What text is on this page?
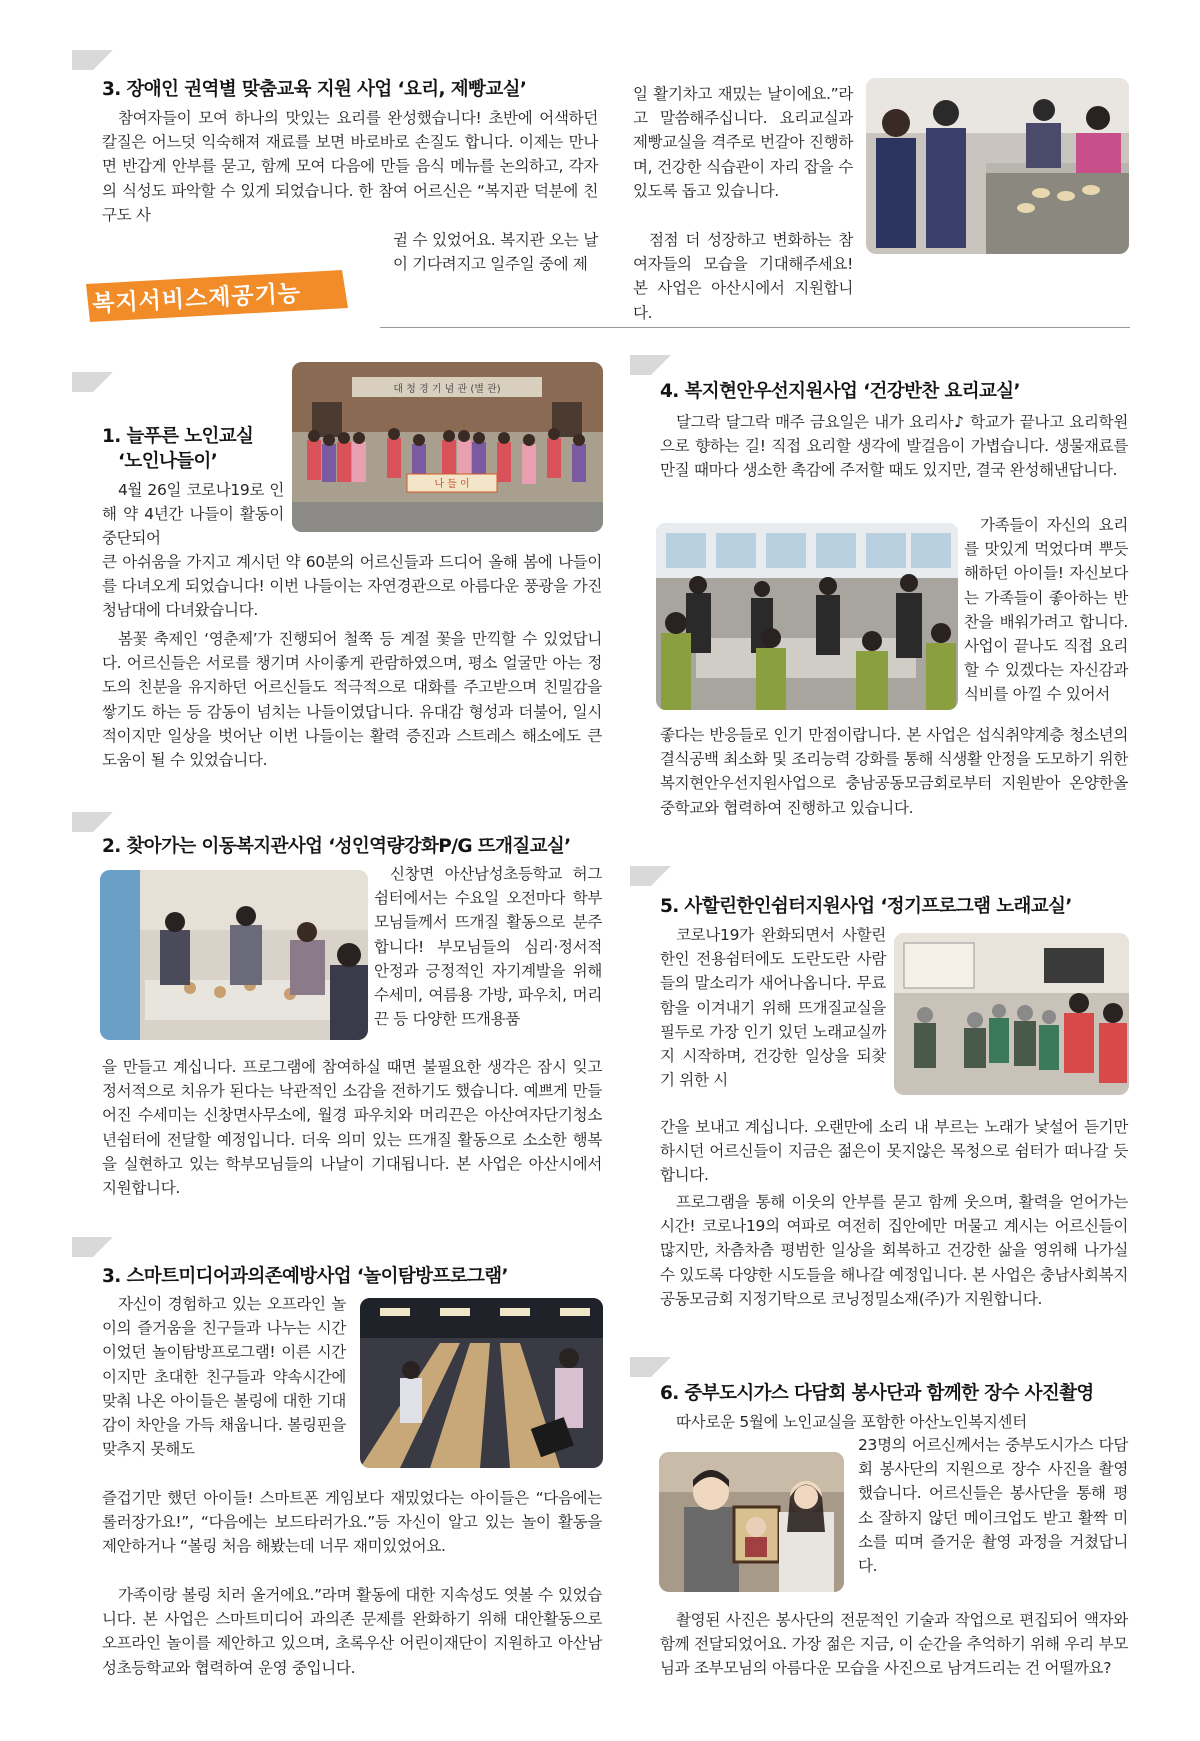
3. 장애인 권역별 맞춤교육 지원 사업 ‘요리, 제빵교실’
참여자들이 모여 하나의 맛있는 요리를 완성했습니다! 초반에 어색하던 칼질은 어느덧 익숙해져 재료를 보면 바로바로 손질도 합니다. 이제는 만나면 반갑게 안부를 묻고, 함께 모여 다음에 만들 음식 메뉴를 논의하고, 각자의 식성도 파악할 수 있게 되었습니다. 한 참여 어르신은 “복지관 덕분에 친구도 사
귈 수 있었어요. 복지관 오는 날이 기다려지고 일주일 중에 제
일 활기차고 재밌는 날이에요.”라고 말씀해주십니다. 요리교실과 제빵교실을 격주로 번갈아 진행하며, 건강한 식습관이 자리 잡을 수 있도록 돕고 있습니다.
점점 더 성장하고 변화하는 참여자들의 모습을 기대해주세요! 본 사업은 아산시에서 지원합니다.
복지서비스제공기능
1. 늘푸른 노인교실
‘노인나들이’
4월 26일 코로나19로 인해 약 4년간 나들이 활동이 중단되어
큰 아쉬움을 가지고 계시던 약 60분의 어르신들과 드디어 올해 봄에 나들이를 다녀오게 되었습니다! 이번 나들이는 자연경관으로 아름다운 풍광을 가진 청남대에 다녀왔습니다.
봄꽃 축제인 ‘영춘제’가 진행되어 철쭉 등 계절 꽃을 만끽할 수 있었답니다. 어르신들은 서로를 챙기며 사이좋게 관람하였으며, 평소 얼굴만 아는 정도의 친분을 유지하던 어르신들도 적극적으로 대화를 주고받으며 친밀감을 쌓기도 하는 등 감동이 넘치는 나들이였답니다. 유대감 형성과 더불어, 일시적이지만 일상을 벗어난 이번 나들이는 활력 증진과 스트레스 해소에도 큰 도움이 될 수 있었습니다.
대 청 경 기 념 관 (별 관)
나 들 이
2. 찾아가는 이동복지관사업 ‘성인역량강화P/G 뜨개질교실’
신창면 아산남성초등학교 허그쉼터에서는 수요일 오전마다 학부모님들께서 뜨개질 활동으로 분주합니다! 부모님들의 심리·정서적 안정과 긍정적인 자기계발을 위해 수세미, 여름용 가방, 파우치, 머리끈 등 다양한 뜨개용품
을 만들고 계십니다. 프로그램에 참여하실 때면 불필요한 생각은 잠시 잊고 정서적으로 치유가 된다는 낙관적인 소감을 전하기도 했습니다. 예쁘게 만들어진 수세미는 신창면사무소에, 월경 파우치와 머리끈은 아산여자단기청소년쉼터에 전달할 예정입니다. 더욱 의미 있는 뜨개질 활동으로 소소한 행복을 실현하고 있는 학부모님들의 나날이 기대됩니다. 본 사업은 아산시에서 지원합니다.
3. 스마트미디어과의존예방사업 ‘놀이탐방프로그램’
자신이 경험하고 있는 오프라인 놀이의 즐거움을 친구들과 나누는 시간이었던 놀이탐방프로그램! 이른 시간이지만 초대한 친구들과 약속시간에 맞춰 나온 아이들은 볼링에 대한 기대감이 차안을 가득 채웁니다. 볼링핀을 맞추지 못해도
즐겁기만 했던 아이들! 스마트폰 게임보다 재밌었다는 아이들은 “다음에는 롤러장가요!”, “다음에는 보드타러가요.”등 자신이 알고 있는 놀이 활동을 제안하거나 “볼링 처음 해봤는데 너무 재미있었어요.
가족이랑 볼링 치러 올거에요.”라며 활동에 대한 지속성도 엿볼 수 있었습니다. 본 사업은 스마트미디어 과의존 문제를 완화하기 위해 대안활동으로 오프라인 놀이를 제안하고 있으며, 초록우산 어린이재단이 지원하고 아산남성초등학교와 협력하여 운영 중입니다.
4. 복지현안우선지원사업 ‘건강반찬 요리교실’
달그락 달그락 매주 금요일은 내가 요리사♪ 학교가 끝나고 요리학원으로 향하는 길! 직접 요리할 생각에 발걸음이 가볍습니다. 생물재료를 만질 때마다 생소한 촉감에 주저할 때도 있지만, 결국 완성해낸답니다.
가족들이 자신의 요리를 맛있게 먹었다며 뿌듯해하던 아이들! 자신보다는 가족들이 좋아하는 반찬을 배워가려고 합니다. 사업이 끝나도 직접 요리할 수 있겠다는 자신감과 식비를 아낄 수 있어서
좋다는 반응들로 인기 만점이랍니다. 본 사업은 섭식취약계층 청소년의 결식공백 최소화 및 조리능력 강화를 통해 식생활 안정을 도모하기 위한 복지현안우선지원사업으로 충남공동모금회로부터 지원받아 온양한올중학교와 협력하여 진행하고 있습니다.
5. 사할린한인쉼터지원사업 ‘정기프로그램 노래교실’
코로나19가 완화되면서 사할린한인 전용쉼터에도 도란도란 사람들의 말소리가 새어나옵니다. 무료함을 이겨내기 위해 뜨개질교실을 필두로 가장 인기 있던 노래교실까지 시작하며, 건강한 일상을 되찾기 위한 시
간을 보내고 계십니다. 오랜만에 소리 내 부르는 노래가 낯설어 듣기만 하시던 어르신들이 지금은 젊은이 못지않은 목청으로 쉼터가 떠나갈 듯합니다.
프로그램을 통해 이웃의 안부를 묻고 함께 웃으며, 활력을 얻어가는 시간! 코로나19의 여파로 여전히 집안에만 머물고 계시는 어르신들이 많지만, 차츰차츰 평범한 일상을 회복하고 건강한 삶을 영위해 나가실 수 있도록 다양한 시도들을 해나갈 예정입니다. 본 사업은 충남사회복지공동모금회 지정기탁으로 코닝정밀소재(주)가 지원합니다.
6. 중부도시가스 다담회 봉사단과 함께한 장수 사진촬영
따사로운 5월에 노인교실을 포함한 아산노인복지센터
23명의 어르신께서는 중부도시가스 다담회 봉사단의 지원으로 장수 사진을 촬영했습니다. 어르신들은 봉사단을 통해 평소 잘하지 않던 메이크업도 받고 활짝 미소를 띠며 즐거운 촬영 과정을 거쳤답니다.
촬영된 사진은 봉사단의 전문적인 기술과 작업으로 편집되어 액자와 함께 전달되었어요. 가장 젊은 지금, 이 순간을 추억하기 위해 우리 부모님과 조부모님의 아름다운 모습을 사진으로 남겨드리는 건 어떨까요?
